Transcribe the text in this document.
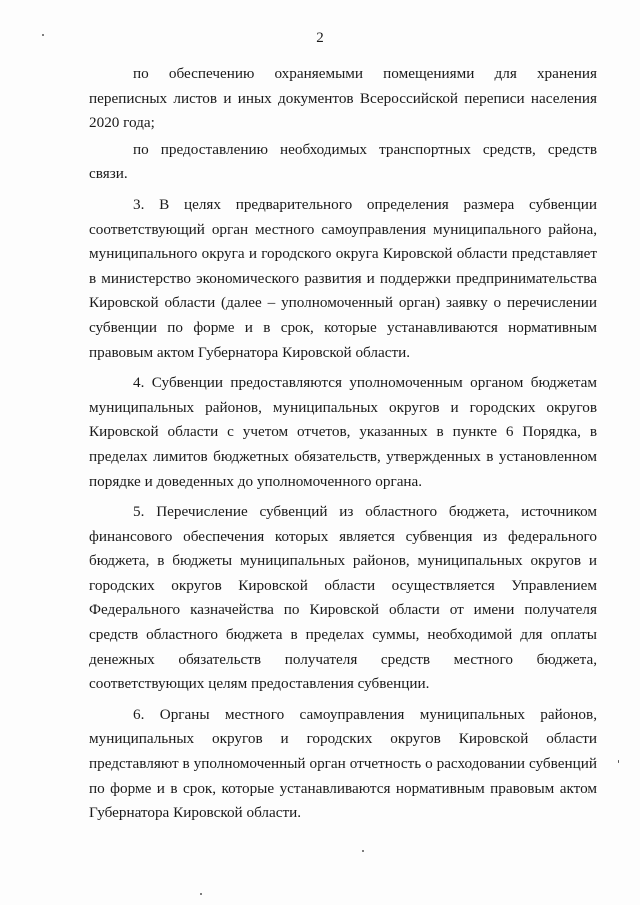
2

по обеспечению охраняемыми помещениями для хранения переписных листов и иных документов Всероссийской переписи населения 2020 года;

по предоставлению необходимых транспортных средств, средств связи.

3. В целях предварительного определения размера субвенции соответствующий орган местного самоуправления муниципального района, муниципального округа и городского округа Кировской области представляет в министерство экономического развития и поддержки предпринимательства Кировской области (далее – уполномоченный орган) заявку о перечислении субвенции по форме и в срок, которые устанавливаются нормативным правовым актом Губернатора Кировской области.

4. Субвенции предоставляются уполномоченным органом бюджетам муниципальных районов, муниципальных округов и городских округов Кировской области с учетом отчетов, указанных в пункте 6 Порядка, в пределах лимитов бюджетных обязательств, утвержденных в установленном порядке и доведенных до уполномоченного органа.

5. Перечисление субвенций из областного бюджета, источником финансового обеспечения которых является субвенция из федерального бюджета, в бюджеты муниципальных районов, муниципальных округов и городских округов Кировской области осуществляется Управлением Федерального казначейства по Кировской области от имени получателя средств областного бюджета в пределах суммы, необходимой для оплаты денежных обязательств получателя средств местного бюджета, соответствующих целям предоставления субвенции.

6. Органы местного самоуправления муниципальных районов, муниципальных округов и городских округов Кировской области представляют в уполномоченный орган отчетность о расходовании субвенций по форме и в срок, которые устанавливаются нормативным правовым актом Губернатора Кировской области.
